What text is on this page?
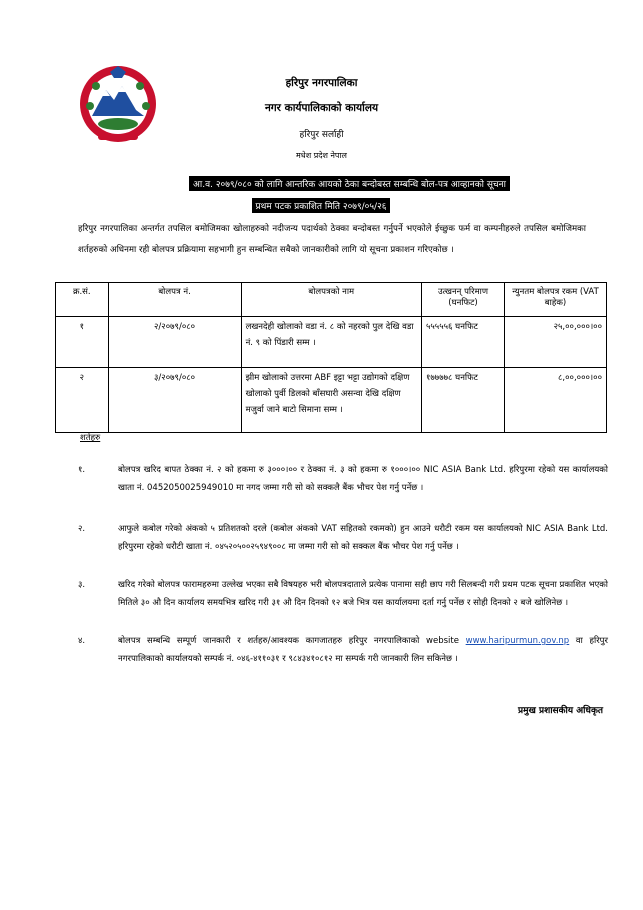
हरिपुर नगरपालिका
नगर कार्यपालिकाको कार्यालय
हरिपुर सर्लाही
मधेश प्रदेश नेपाल
आ.व. २०७९/०८० को लागि आन्तरिक आयको ठेका बन्दोबस्त सम्बन्धि बोल-पत्र आव्हानको सूचना
प्रथम पटक प्रकाशित मिति २०७९/०५/२६
हरिपुर नगरपालिका अन्तर्गत तपसिल बमोजिमका खोलाहरुको नदीजन्य पदार्थको ठेक्का बन्दोबस्त गर्नुपर्ने भएकोले ईच्छुक फर्म वा कम्पनीहरुले तपसिल बमोजिमका शर्तहरुको अधिनमा रही बोलपत्र प्रक्रियामा सहभागी हुन सम्बन्धित सबैको जानकारीको लागि यो सूचना प्रकाशन गरिएकोछ ।
क्र.सं.	बोलपत्र नं.	बोलपत्रको नाम	उत्खनन् परिमाण (घनफिट)	न्युनतम बोलपत्र रकम (VAT बाहेक)
१	२/२०७९/०८०	लखनदेही खोलाको वडा नं. ८ को नहरको पुल देखि वडा नं. ९ को पिंडारी सम्म ।	५५५५५६ घनफिट	२५,००,०००।००
२	३/२०७९/०८०	झीम खोलाको उत्तरमा ABF इट्टा भट्टा उद्योगको दक्षिण खोलाको पुर्वी डिलको बाँसघारी असन्वा देखि दक्षिण मजुर्वा जाने बाटो सिमाना सम्म ।	१७७७७८ घनफिट	८,००,०००।००
शर्तहरु
१.	बोलपत्र खरिद बापत ठेक्का नं. २ को हकमा रु ३०००।०० र ठेक्का नं. ३ को हकमा रु १०००।०० NIC ASIA Bank Ltd. हरिपुरमा रहेको यस कार्यालयको खाता नं. 0452050025949010 मा नगद जम्मा गरी सो को सक्कलै बैंक भौचर पेश गर्नु पर्नेछ ।
२.	आफुले कबोल गरेको अंकको ५ प्रतिशतको दरले (कबोल अंकको VAT सहितको रकमको) हुन आउने धरौटी रकम यस कार्यालयको NIC ASIA Bank Ltd. हरिपुरमा रहेको धरौटी खाता नं. ०४५२०५००२५९४९००८ मा जम्मा गरी सो को सक्कल बैंक भौचर पेश गर्नु पर्नेछ ।
३.	खरिद गरेको बोलपत्र फारामहरुमा उल्लेख भएका सबै विषयहरु भरी बोलपत्रदाताले प्रत्येक पानामा सही छाप गरी सिलबन्दी गरी प्रथम पटक सूचना प्रकाशित भएको मितिले ३० औ दिन कार्यालय समयभित्र खरिद गरी ३१ औ दिन दिनको १२ बजे भित्र यस कार्यालयमा दर्ता गर्नु पर्नेछ र सोही दिनको २ बजे खोलिनेछ ।
४.	बोलपत्र सम्बन्धि सम्पूर्ण जानकारी र शर्तहरु/आवश्यक कागजातहरु हरिपुर नगरपालिकाको website www.haripurmun.gov.np वा हरिपुर नगरपालिकाको कार्यालयको सम्पर्क नं. ०४६-४११०३१ र ९८४३४१०८१२ मा सम्पर्क गरी जानकारी लिन सकिनेछ ।
प्रमुख प्रशासकीय अधिकृत
